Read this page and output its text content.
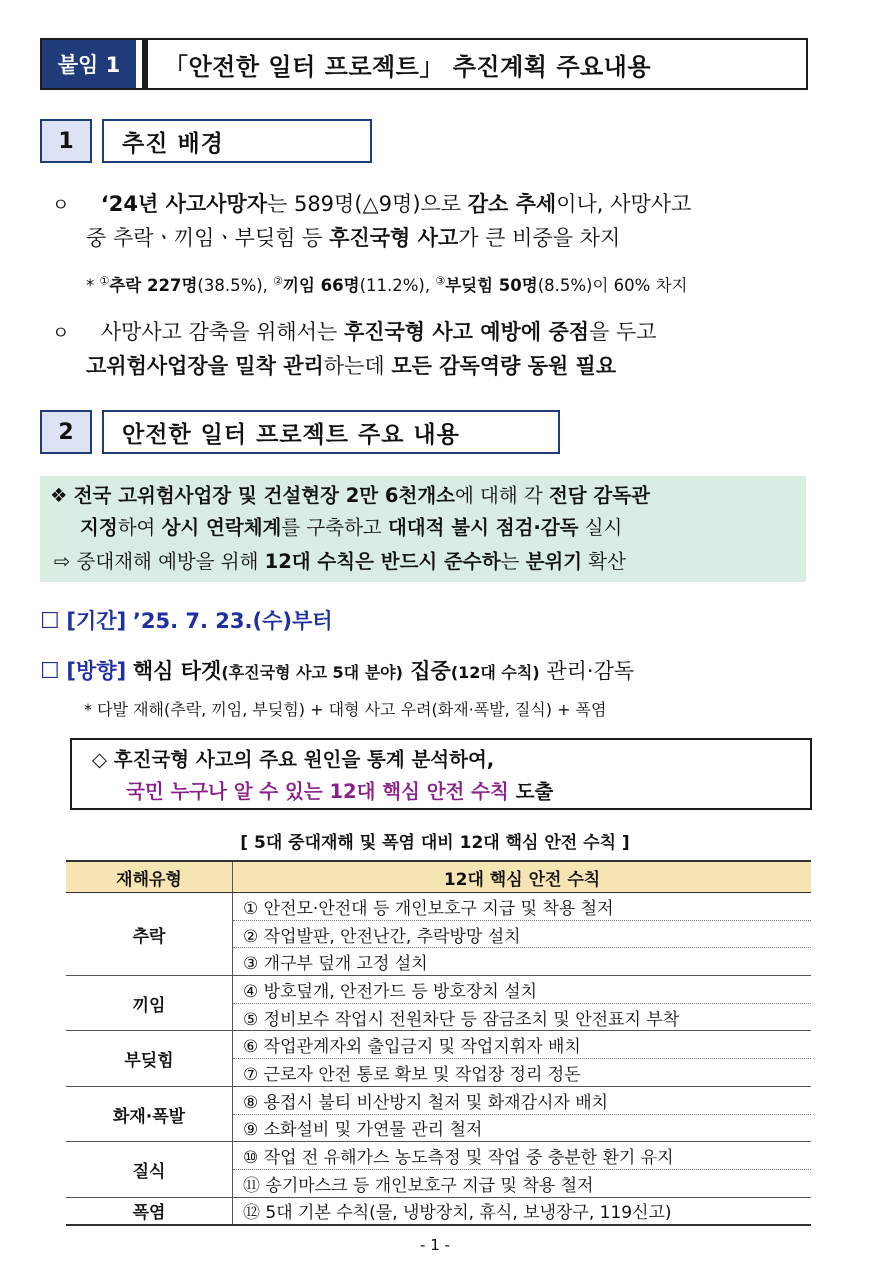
붙임 1	「안전한 일터 프로젝트」 추진계획 주요내용
1	추진 배경
ㅇ ‘24년 사고사망자는 589명(△9명)으로 감소 추세이나, 사망사고
중 추락ㆍ끼임ㆍ부딪힘 등 후진국형 사고가 큰 비중을 차지
* ①추락 227명(38.5%), ②끼임 66명(11.2%), ③부딪힘 50명(8.5%)이 60% 차지
ㅇ 사망사고 감축을 위해서는 후진국형 사고 예방에 중점을 두고
고위험사업장을 밀착 관리하는데 모든 감독역량 동원 필요
2	안전한 일터 프로젝트 주요 내용
❖ 전국 고위험사업장 및 건설현장 2만 6천개소에 대해 각 전담 감독관
지정하여 상시 연락체계를 구축하고 대대적 불시 점검·감독 실시
⇨ 중대재해 예방을 위해 12대 수칙은 반드시 준수하는 분위기 확산
☐ [기간] ’25. 7. 23.(수)부터
☐ [방향] 핵심 타겟(후진국형 사고 5대 분야) 집중(12대 수칙) 관리·감독
* 다발 재해(추락, 끼임, 부딪힘) + 대형 사고 우려(화재·폭발, 질식) + 폭염
◇ 후진국형 사고의 주요 원인을 통계 분석하여,
국민 누구나 알 수 있는 12대 핵심 안전 수칙 도출
[ 5대 중대재해 및 폭염 대비 12대 핵심 안전 수칙 ]
재해유형	12대 핵심 안전 수칙
추락	① 안전모·안전대 등 개인보호구 지급 및 착용 철저
	② 작업발판, 안전난간, 추락방망 설치
	③ 개구부 덮개 고정 설치
끼임	④ 방호덮개, 안전가드 등 방호장치 설치
	⑤ 정비보수 작업시 전원차단 등 잠금조치 및 안전표지 부착
부딪힘	⑥ 작업관계자외 출입금지 및 작업지휘자 배치
	⑦ 근로자 안전 통로 확보 및 작업장 정리 정돈
화재·폭발	⑧ 용접시 불티 비산방지 철저 및 화재감시자 배치
	⑨ 소화설비 및 가연물 관리 철저
질식	⑩ 작업 전 유해가스 농도측정 및 작업 중 충분한 환기 유지
	⑪ 송기마스크 등 개인보호구 지급 및 착용 철저
폭염	⑫ 5대 기본 수칙(물, 냉방장치, 휴식, 보냉장구, 119신고)
- 1 -
